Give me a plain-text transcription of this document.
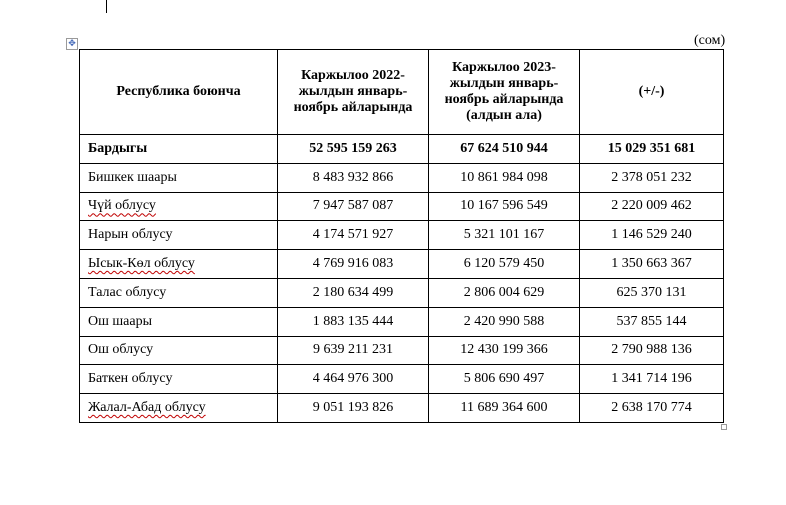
✥	(сом)
Республика боюнча	Каржылоо 2022-жылдын январь-ноябрь айларында	Каржылоо 2023-жылдын январь-ноябрь айларында (алдын ала)	(+/-)
Бардыгы	52 595 159 263	67 624 510 944	15 029 351 681
Бишкек шаары	8 483 932 866	10 861 984 098	2 378 051 232
Чүй облусу	7 947 587 087	10 167 596 549	2 220 009 462
Нарын облусу	4 174 571 927	5 321 101 167	1 146 529 240
Ысык-Көл облусу	4 769 916 083	6 120 579 450	1 350 663 367
Талас облусу	2 180 634 499	2 806 004 629	625 370 131
Ош шаары	1 883 135 444	2 420 990 588	537 855 144
Ош облусу	9 639 211 231	12 430 199 366	2 790 988 136
Баткен облусу	4 464 976 300	5 806 690 497	1 341 714 196
Жалал-Абад облусу	9 051 193 826	11 689 364 600	2 638 170 774
